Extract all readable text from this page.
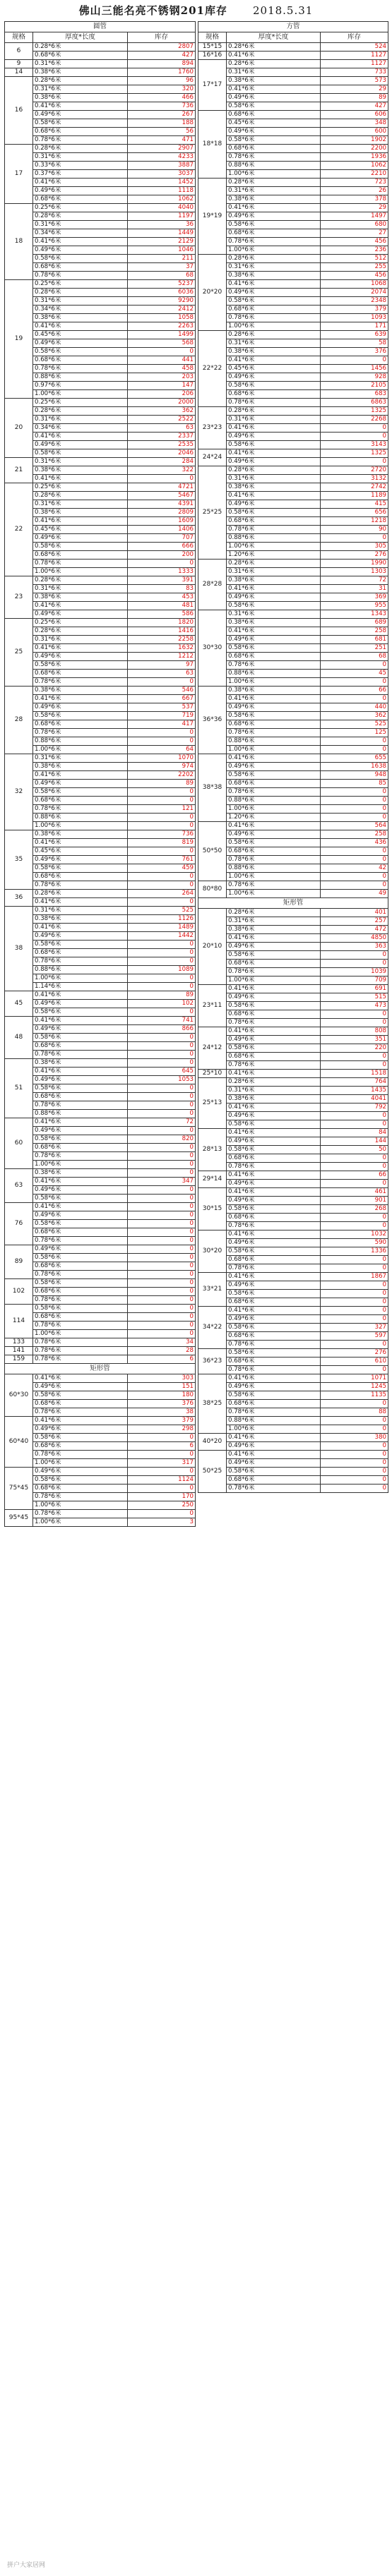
佛山三能名亮不锈钢201库存 2018.5.31
圆管		
规格	厚度*长度	库存
6	0.28*6米	2807
	0.68*6米	427
9	0.31*6米	894
14	0.38*6米	1760
16	0.28*6米	96
	0.31*6米	320
	0.38*6米	466
	0.41*6米	736
	0.49*6米	267
	0.58*6米	188
	0.68*6米	56
	0.78*6米	471
17	0.28*6米	2907
	0.31*6米	4233
	0.33*6米	3887
	0.37*6米	3037
	0.41*6米	1452
	0.49*6米	1118
	0.68*6米	1062
18	0.25*6米	4040
	0.28*6米	1197
	0.31*6米	36
	0.34*6米	1449
	0.41*6米	2129
	0.49*6米	1046
	0.58*6米	211
	0.68*6米	37
	0.78*6米	68
19	0.25*6米	5237
	0.28*6米	6036
	0.31*6米	9290
	0.34*6米	2412
	0.38*6米	1058
	0.41*6米	2263
	0.45*6米	1499
	0.49*6米	568
	0.58*6米	0
	0.68*6米	441
	0.78*6米	458
	0.88*6米	203
	0.97*6米	147
	1.00*6米	206
20	0.25*6米	2000
	0.28*6米	362
	0.31*6米	2522
	0.34*6米	63
	0.41*6米	2337
	0.49*6米	2535
	0.58*6米	2046
21	0.31*6米	284
	0.38*6米	322
	0.41*6米	0
22	0.25*6米	4721
	0.28*6米	5467
	0.31*6米	4391
	0.38*6米	2809
	0.41*6米	1609
	0.45*6米	1406
	0.49*6米	707
	0.58*6米	666
	0.68*6米	200
	0.78*6米	0
	1.00*6米	1333
23	0.28*6米	391
	0.31*6米	83
	0.38*6米	453
	0.41*6米	481
	0.49*6米	586
25	0.25*6米	1820
	0.28*6米	1416
	0.31*6米	2258
	0.41*6米	1632
	0.49*6米	1212
	0.58*6米	97
	0.68*6米	63
	0.78*6米	0
28	0.38*6米	546
	0.41*6米	667
	0.49*6米	537
	0.58*6米	719
	0.68*6米	417
	0.78*6米	0
	0.88*6米	0
	1.00*6米	64
32	0.31*6米	1070
	0.38*6米	974
	0.41*6米	2202
	0.49*6米	89
	0.58*6米	0
	0.68*6米	0
	0.78*6米	121
	0.88*6米	0
	1.00*6米	0
35	0.38*6米	736
	0.41*6米	819
	0.45*6米	0
	0.49*6米	761
	0.58*6米	459
	0.68*6米	0
	0.78*6米	0
36	0.28*6米	264
	0.41*6米	0
38	0.31*6米	525
	0.38*6米	1126
	0.41*6米	1489
	0.49*6米	1442
	0.58*6米	0
	0.68*6米	0
	0.78*6米	0
	0.88*6米	1089
	1.00*6米	0
	1.14*6米	0
45	0.41*6米	89
	0.49*6米	102
	0.58*6米	0
48	0.41*6米	741
	0.49*6米	866
	0.58*6米	0
	0.68*6米	0
	0.78*6米	0
51	0.38*6米	0
	0.41*6米	645
	0.49*6米	1053
	0.58*6米	0
	0.68*6米	0
	0.78*6米	0
	0.88*6米	0
60	0.41*6米	72
	0.49*6米	0
	0.58*6米	820
	0.68*6米	0
	0.78*6米	0
	1.00*6米	0
63	0.38*6米	0
	0.41*6米	347
	0.49*6米	0
	0.58*6米	0
76	0.41*6米	0
	0.49*6米	0
	0.58*6米	0
	0.68*6米	0
	0.78*6米	0
89	0.49*6米	0
	0.58*6米	0
	0.68*6米	0
	0.78*6米	0
102	0.58*6米	0
	0.68*6米	0
	0.78*6米	0
114	0.58*6米	0
	0.68*6米	0
	0.78*6米	0
	1.00*6米	0
133	0.78*6米	34
141	0.78*6米	28
159	0.78*6米	6
矩形管		
60*30	0.41*6米	303
	0.49*6米	151
	0.58*6米	180
	0.68*6米	376
	0.78*6米	38
60*40	0.41*6米	379
	0.49*6米	298
	0.58*6米	0
	0.68*6米	6
	0.78*6米	0
	1.00*6米	317
75*45	0.49*6米	0
	0.58*6米	1124
	0.68*6米	0
	0.78*6米	170
	1.00*6米	250
95*45	0.78*6米	0
	1.00*6米	3
方管		
规格	厚度*长度	库存
15*15	0.28*6米	524
16*16	0.41*6米	1127
17*17	0.28*6米	1127
	0.31*6米	733
	0.38*6米	573
	0.41*6米	29
	0.49*6米	89
	0.58*6米	427
18*18	0.68*6米	606
	0.45*6米	348
	0.49*6米	600
	0.58*6米	1902
	0.68*6米	2200
	0.78*6米	1936
	0.88*6米	1062
	1.00*6米	2210
19*19	0.28*6米	723
	0.31*6米	26
	0.38*6米	378
	0.41*6米	29
	0.49*6米	1497
	0.58*6米	680
	0.68*6米	27
	0.78*6米	456
	1.00*6米	236
20*20	0.28*6米	512
	0.31*6米	255
	0.38*6米	456
	0.41*6米	1068
	0.49*6米	2074
	0.58*6米	2348
	0.68*6米	379
	0.78*6米	1093
	1.00*6米	171
22*22	0.28*6米	639
	0.31*6米	58
	0.38*6米	376
	0.41*6米	0
	0.45*6米	1456
	0.49*6米	928
	0.58*6米	2105
	0.68*6米	683
	0.78*6米	6863
23*23	0.28*6米	1325
	0.31*6米	2268
	0.41*6米	0
	0.49*6米	0
	0.58*6米	3143
24*24	0.41*6米	1325
	0.49*6米	0
25*25	0.28*6米	2720
	0.31*6米	3132
	0.38*6米	2742
	0.41*6米	1189
	0.49*6米	415
	0.58*6米	656
	0.68*6米	1218
	0.78*6米	90
	0.88*6米	0
	1.00*6米	305
	1.20*6米	276
28*28	0.28*6米	1990
	0.31*6米	1303
	0.38*6米	72
	0.41*6米	31
	0.49*6米	369
	0.58*6米	955
30*30	0.31*6米	1343
	0.38*6米	689
	0.41*6米	258
	0.49*6米	681
	0.58*6米	251
	0.68*6米	68
	0.78*6米	0
	0.88*6米	45
	1.00*6米	0
36*36	0.38*6米	66
	0.41*6米	0
	0.49*6米	440
	0.58*6米	362
	0.68*6米	525
	0.78*6米	125
	0.88*6米	0
	1.00*6米	0
38*38	0.41*6米	655
	0.49*6米	1638
	0.58*6米	948
	0.68*6米	85
	0.78*6米	0
	0.88*6米	0
	1.00*6米	0
	1.20*6米	0
50*50	0.41*6米	564
	0.49*6米	258
	0.58*6米	436
	0.68*6米	0
	0.78*6米	0
	0.88*6米	42
	1.00*6米	0
80*80	0.78*6米	0
	1.00*6米	49
矩形管		
20*10	0.28*6米	401
	0.31*6米	257
	0.38*6米	472
	0.41*6米	4850
	0.49*6米	363
	0.58*6米	0
	0.68*6米	0
	0.78*6米	1039
	1.00*6米	709
23*11	0.41*6米	691
	0.49*6米	515
	0.58*6米	473
	0.68*6米	0
	0.78*6米	0
24*12	0.41*6米	808
	0.49*6米	351
	0.58*6米	220
	0.68*6米	0
	0.78*6米	0
25*10	0.41*6米	1518
25*13	0.28*6米	764
	0.31*6米	1435
	0.38*6米	4041
	0.41*6米	792
	0.49*6米	0
	0.58*6米	0
28*13	0.41*6米	84
	0.49*6米	144
	0.58*6米	50
	0.68*6米	0
	0.78*6米	0
29*14	0.41*6米	66
	0.49*6米	0
30*15	0.41*6米	461
	0.49*6米	901
	0.58*6米	268
	0.68*6米	0
	0.78*6米	0
30*20	0.41*6米	1032
	0.49*6米	590
	0.58*6米	1336
	0.68*6米	0
	0.78*6米	0
33*21	0.41*6米	1867
	0.49*6米	0
	0.58*6米	0
	0.68*6米	0
34*22	0.41*6米	0
	0.49*6米	0
	0.58*6米	327
	0.68*6米	597
	0.78*6米	0
36*23	0.58*6米	276
	0.68*6米	610
	0.78*6米	0
38*25	0.41*6米	1071
	0.49*6米	1245
	0.58*6米	1135
	0.68*6米	0
	0.78*6米	88
	0.88*6米	0
	1.00*6米	0
40*20	0.41*6米	380
	0.49*6米	0
50*25	0.41*6米	0
	0.49*6米	0
	0.58*6米	0
	0.68*6米	0
	0.78*6米	0
拼户大家居网
